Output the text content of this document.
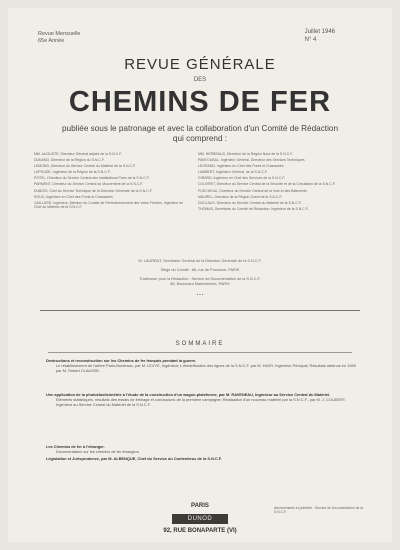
Revue Mensuelle
65e Année
Juillet 1946
N° 4
REVUE GÉNÉRALE
DES
CHEMINS DE FER
publiée sous le patronage et avec la collaboration d'un Comité de Rédaction
qui comprend :

MM. AUGUSTE, Directeur Général adjoint de la S.N.C.F.

DUNAND, Directeur de la Région du S.N.C.F.

LEMOND, Directeur du Service Central du Matériel de la S.N.C.F.

LAPOUDE, Ingénieur de la Région de la S.N.C.F.

POTEL, Directeur du Service Central des Installations Fixes de la S.N.C.F.

PARMENT, Directeur du Service Central du Mouvement de la S.N.C.F.

DUBOIS, Chef du Service Technique de la Direction Générale de la S.N.C.F.

ROUX, Ingénieur en Chef des Ponts et Chaussées

GAILLARD, Ingénieur, Membre du Comité de Perfectionnement des Voies Ferrées, Ingénieur en Chef du Matériel de la S.N.C.F.

MM. HERBEAUX, Directeur de la Région Nord de la S.N.C.F.

PANTOUBAL, Ingénieur Général, Directeur des Services Techniques

LEGRAND, Ingénieur en Chef des Ponts et Chaussées

LAMBERT, Ingénieur Général, de la S.N.C.F.

GIRARD, Ingénieur en Chef des Services de la S.N.C.F.

COUVRET, Directeur du Service Central de la Sécurité et de la Circulation de la S.N.C.F.

PUECHEAU, Directeur du Service Central de la Voie et des Bâtiments

MAUREL, Directeur de la Région Ouest de la S.N.C.F.

DUCLAUX, Directeur du Service Central du Matériel de la S.N.C.F.

THOMAS, Secrétaire du Comité de Rédaction, Ingénieur de la S.N.C.F.

M. LAURENT, Secrétaire Général de la Direction Générale de la S.N.C.F.
Siège du Comité : 88, rue de Provence, PARIS
S'adresser pour la Rédaction : Service de Documentation de la S.N.C.F.
88, Boulevard Malesherbes, PARIS
• • •
SOMMAIRE
Destructions et reconstruction sur les Chemins de fer français pendant la guerre.
Le rétablissement de l'artère Paris-Bordeaux, par M. LEVYE, Ingénieur; L'électrification des lignes de la S.N.C.F. par M. HUBY, Ingénieur Principal; Résultats obtenus en 1945 par M. Robert CLAUSSE.
Une application de la photoélasticimétrie à l'étude de la construction d'un wagon-plateforme, par M. RAVENEAU, Ingénieur au Service Central du Matériel.
Éléments statistiques, résultats des essais de freinage et conclusions de la première campagne; Réalisation d'un nouveau matériel par la S.N.C.F., par M. J. COUDERT, Ingénieur au Service Central du Matériel de la S.N.C.F.
Les Chemins de fer à l'étranger.
Documentation sur les chemins de fer étrangers.
Législation et Jurisprudence, par M. ALBENQUE, Chef du Service du Contentieux de la S.N.C.F.
PARIS
DUNOD
92, RUE BONAPARTE (VI)
Abonnements et publicité : Service de Documentation de la S.N.C.F.
